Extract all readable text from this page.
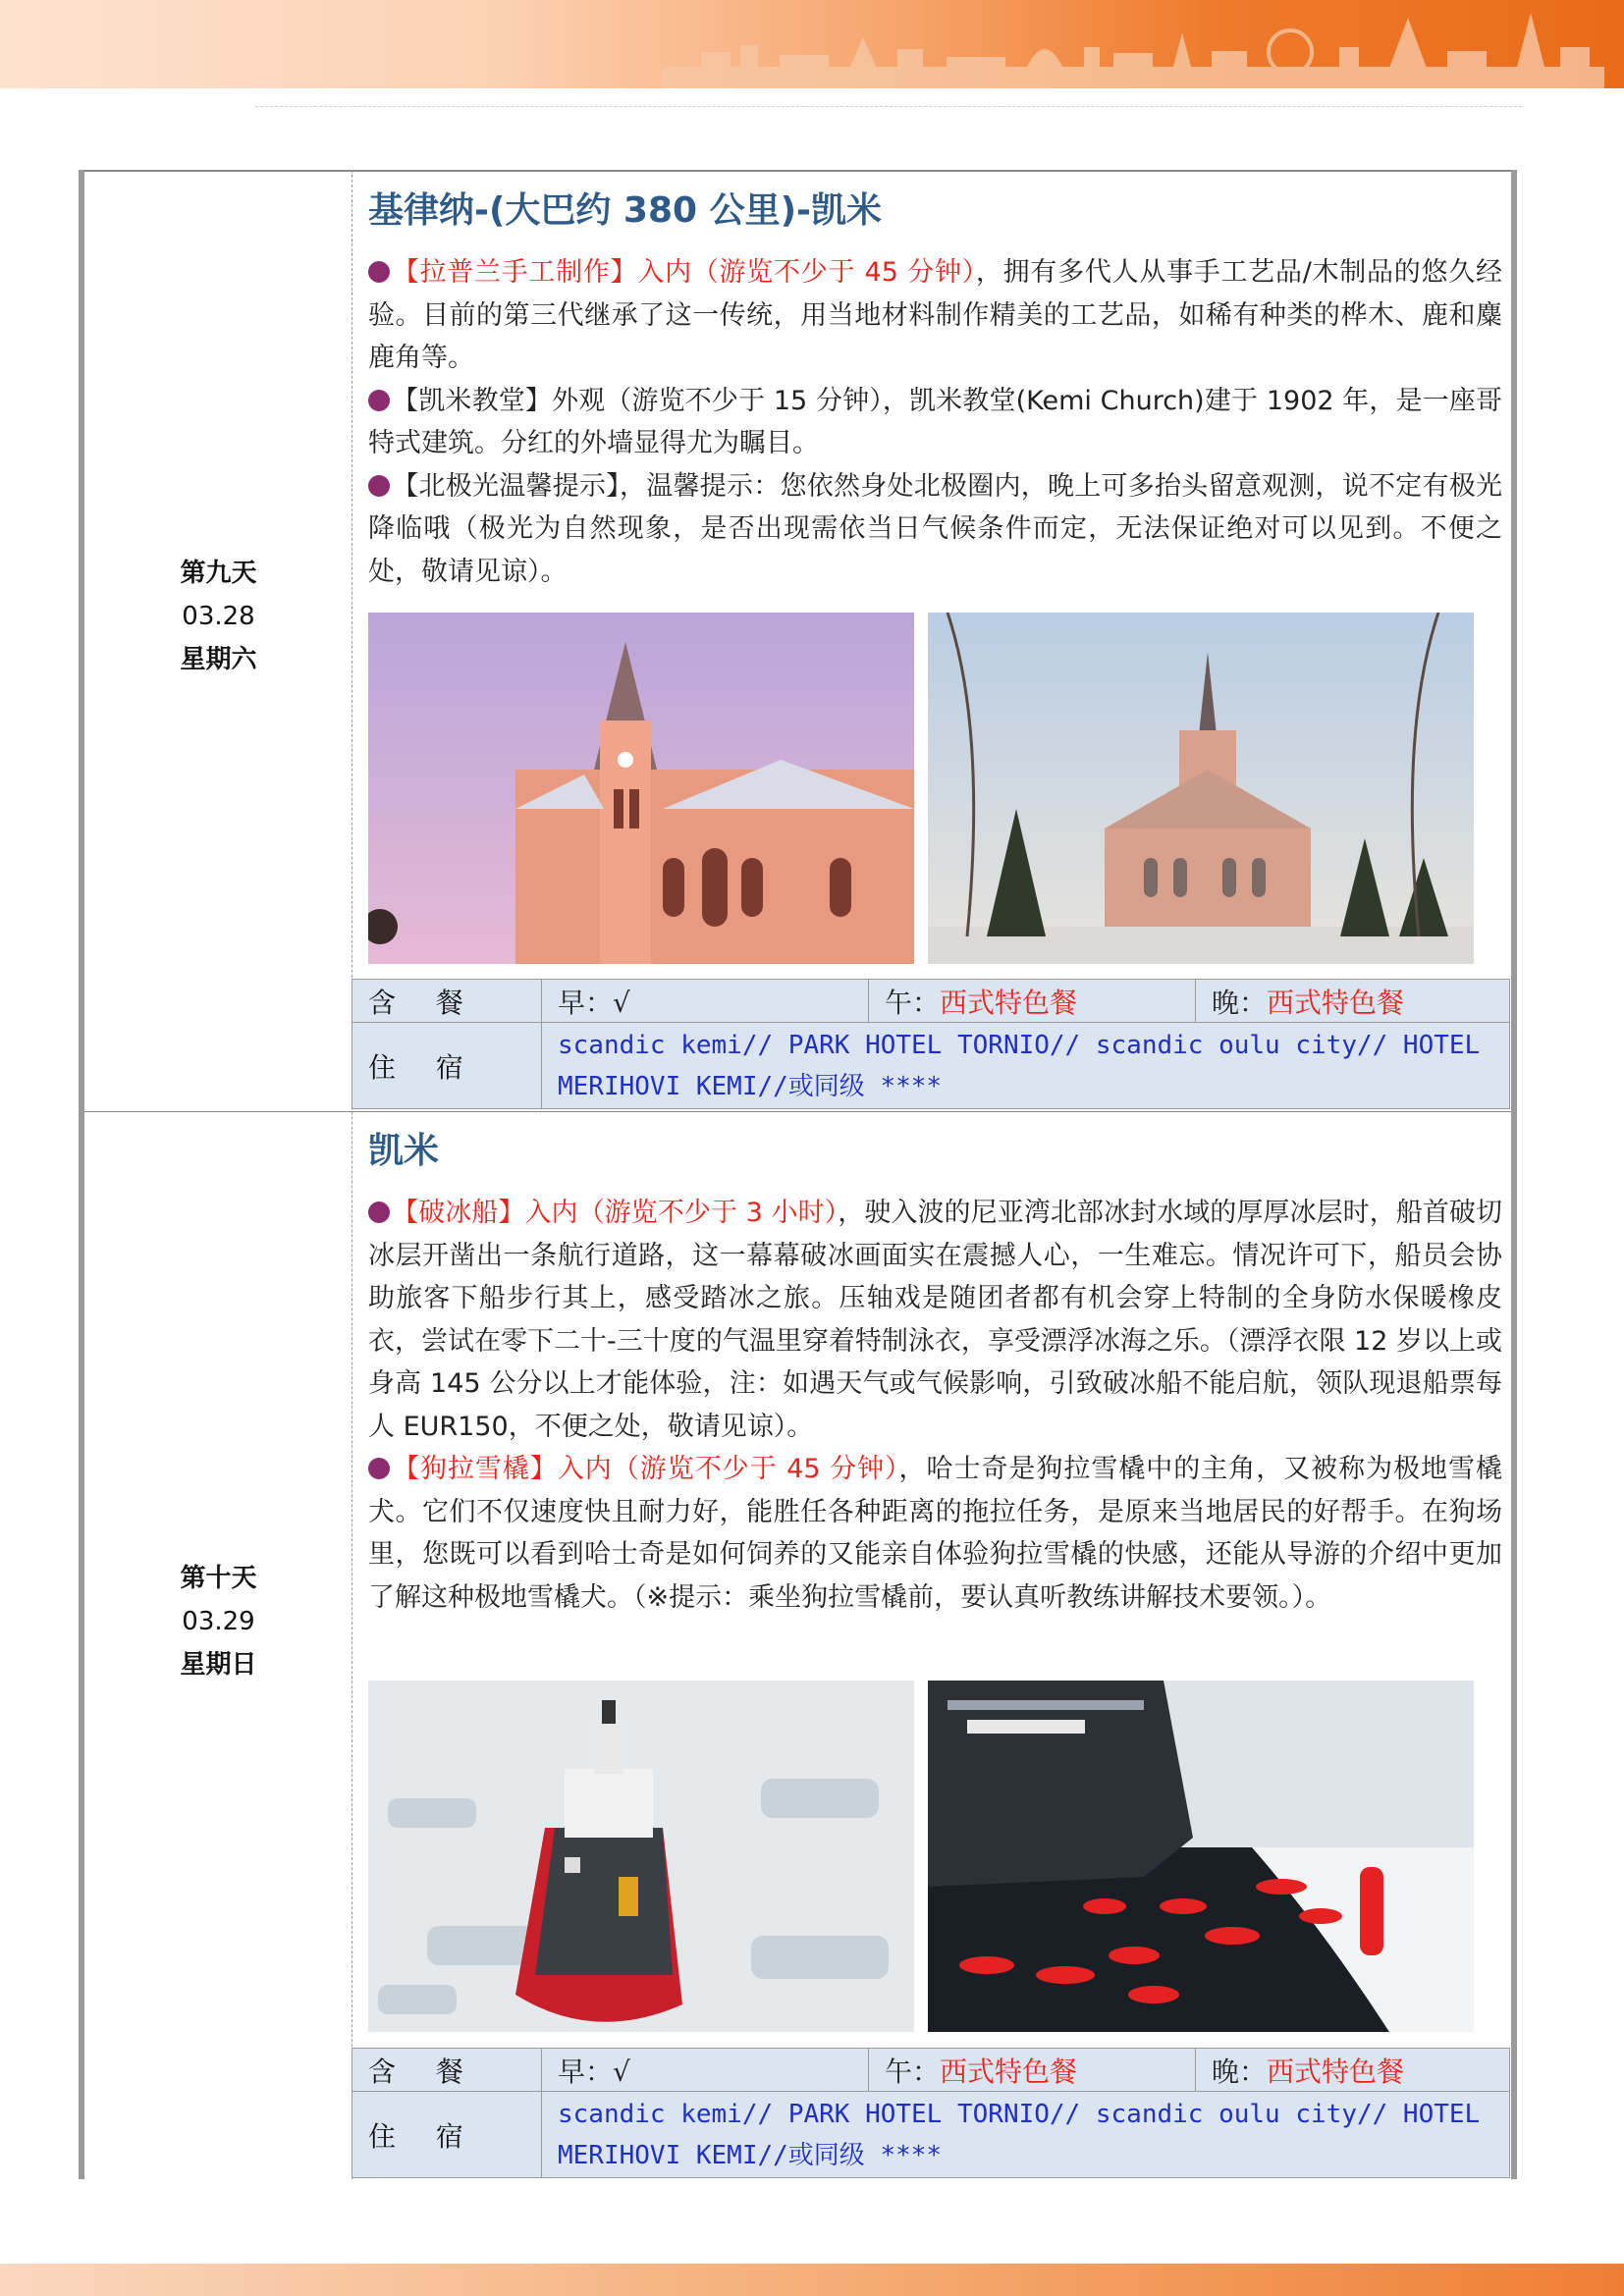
第九天
03.28
星期六
基律纳-(大巴约 380 公里)-凯米

【拉普兰手工制作】入内（游览不少于 45 分钟），拥有多代人从事手工艺品/木制品的悠久经验。目前的第三代继承了这一传统，用当地材料制作精美的工艺品，如稀有种类的桦木、鹿和麋鹿角等。

【凯米教堂】外观（游览不少于 15 分钟），凯米教堂(Kemi Church)建于 1902 年，是一座哥特式建筑。分红的外墙显得尤为瞩目。

【北极光温馨提示】，温馨提示：您依然身处北极圈内，晚上可多抬头留意观测，说不定有极光降临哦（极光为自然现象，是否出现需依当日气候条件而定，无法保证绝对可以见到。不便之处，敬请见谅）。

含 餐	早：√	午：西式特色餐	晚：西式特色餐
住 宿	scandic kemi// PARK HOTEL TORNIO// scandic oulu city// HOTEL MERIHOVI KEMI//或同级 ****		
第十天
03.29
星期日
凯米

【破冰船】入内（游览不少于 3 小时），驶入波的尼亚湾北部冰封水域的厚厚冰层时，船首破切冰层开凿出一条航行道路，这一幕幕破冰画面实在震撼人心，一生难忘。情况许可下，船员会协助旅客下船步行其上，感受踏冰之旅。压轴戏是随团者都有机会穿上特制的全身防水保暖橡皮衣，尝试在零下二十-三十度的气温里穿着特制泳衣，享受漂浮冰海之乐。（漂浮衣限 12 岁以上或身高 145 公分以上才能体验，注：如遇天气或气候影响，引致破冰船不能启航，领队现退船票每人 EUR150，不便之处，敬请见谅）。

【狗拉雪橇】入内（游览不少于 45 分钟），哈士奇是狗拉雪橇中的主角，又被称为极地雪橇犬。它们不仅速度快且耐力好，能胜任各种距离的拖拉任务，是原来当地居民的好帮手。在狗场里，您既可以看到哈士奇是如何饲养的又能亲自体验狗拉雪橇的快感，还能从导游的介绍中更加了解这种极地雪橇犬。（※提示：乘坐狗拉雪橇前，要认真听教练讲解技术要领。）。

含 餐	早：√	午：西式特色餐	晚：西式特色餐
住 宿	scandic kemi// PARK HOTEL TORNIO// scandic oulu city// HOTEL MERIHOVI KEMI//或同级 ****		
